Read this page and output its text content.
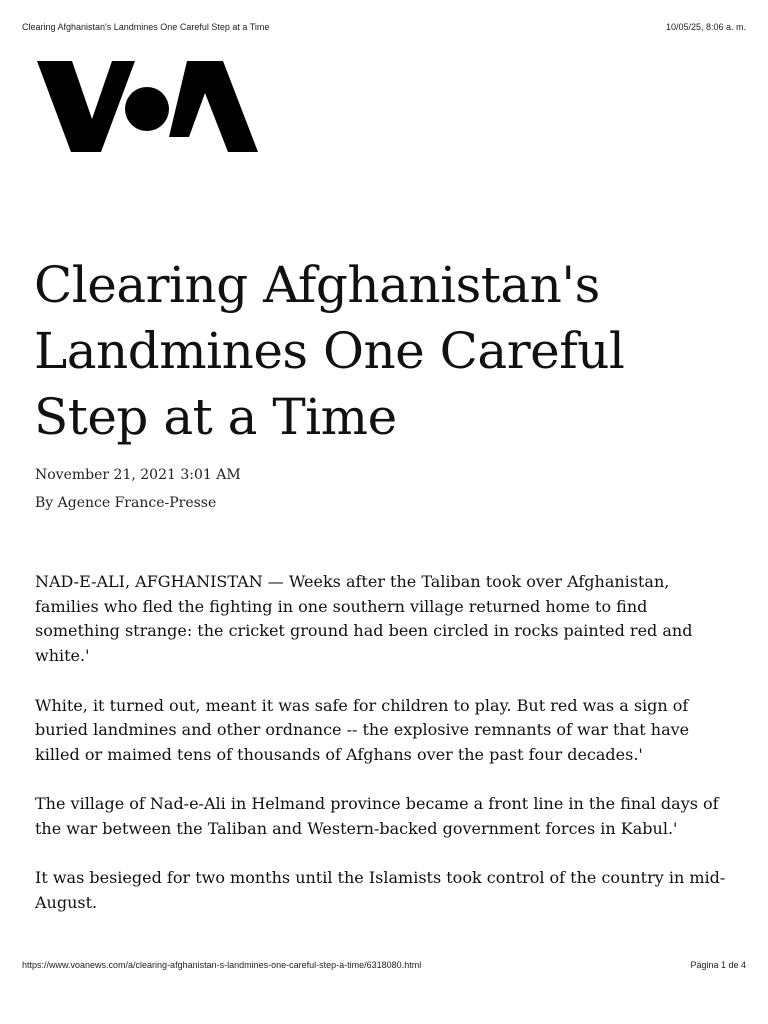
Clearing Afghanistan's Landmines One Careful Step at a Time	10/05/25, 8:06 a. m.
Clearing Afghanistan's Landmines One Careful Step at a Time
November 21, 2021 3:01 AM
By Agence France-Presse

NAD-E-ALI, AFGHANISTAN — Weeks after the Taliban took over Afghanistan, families who fled the fighting in one southern village returned home to find something strange: the cricket ground had been circled in rocks painted red and white.'

White, it turned out, meant it was safe for children to play. But red was a sign of buried landmines and other ordnance -- the explosive remnants of war that have killed or maimed tens of thousands of Afghans over the past four decades.'

The village of Nad-e-Ali in Helmand province became a front line in the final days of the war between the Taliban and Western-backed government forces in Kabul.'

It was besieged for two months until the Islamists took control of the country in mid-August.

https://www.voanews.com/a/clearing-afghanistan-s-landmines-one-careful-step-a-time/6318080.html	Página 1 de 4
